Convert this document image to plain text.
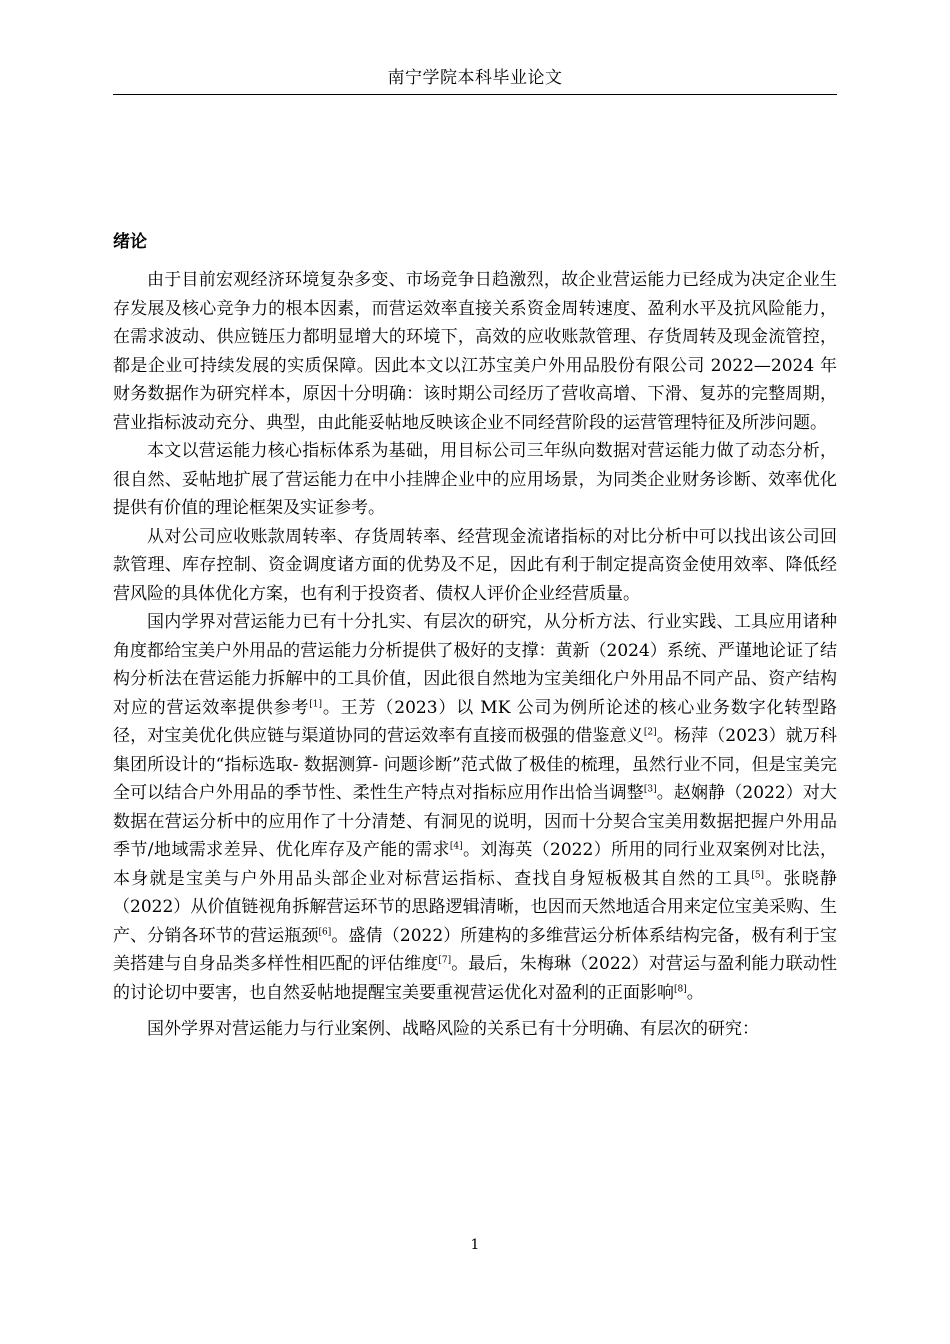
南宁学院本科毕业论文
绪论

由于目前宏观经济环境复杂多变、市场竞争日趋激烈，故企业营运能力已经成为决定企业生存发展及核心竞争力的根本因素，而营运效率直接关系资金周转速度、盈利水平及抗风险能力，在需求波动、供应链压力都明显增大的环境下，高效的应收账款管理、存货周转及现金流管控，都是企业可持续发展的实质保障。因此本文以江苏宝美户外用品股份有限公司 2022—2024 年财务数据作为研究样本，原因十分明确：该时期公司经历了营收高增、下滑、复苏的完整周期，营业指标波动充分、典型，由此能妥帖地反映该企业不同经营阶段的运营管理特征及所涉问题。

本文以营运能力核心指标体系为基础，用目标公司三年纵向数据对营运能力做了动态分析，很自然、妥帖地扩展了营运能力在中小挂牌企业中的应用场景，为同类企业财务诊断、效率优化提供有价值的理论框架及实证参考。

从对公司应收账款周转率、存货周转率、经营现金流诸指标的对比分析中可以找出该公司回款管理、库存控制、资金调度诸方面的优势及不足，因此有利于制定提高资金使用效率、降低经营风险的具体优化方案，也有利于投资者、债权人评价企业经营质量。

国内学界对营运能力已有十分扎实、有层次的研究，从分析方法、行业实践、工具应用诸种角度都给宝美户外用品的营运能力分析提供了极好的支撑：黄新（2024）系统、严谨地论证了结构分析法在营运能力拆解中的工具价值，因此很自然地为宝美细化户外用品不同产品、资产结构对应的营运效率提供参考[1]。王芳（2023）以 MK 公司为例所论述的核心业务数字化转型路径，对宝美优化供应链与渠道协同的营运效率有直接而极强的借鉴意义[2]。杨萍（2023）就万科集团所设计的“指标选取- 数据测算- 问题诊断”范式做了极佳的梳理，虽然行业不同，但是宝美完全可以结合户外用品的季节性、柔性生产特点对指标应用作出恰当调整[3]。赵娴静（2022）对大数据在营运分析中的应用作了十分清楚、有洞见的说明，因而十分契合宝美用数据把握户外用品季节/地域需求差异、优化库存及产能的需求[4]。刘海英（2022）所用的同行业双案例对比法，本身就是宝美与户外用品头部企业对标营运指标、查找自身短板极其自然的工具[5]。张晓静（2022）从价值链视角拆解营运环节的思路逻辑清晰，也因而天然地适合用来定位宝美采购、生产、分销各环节的营运瓶颈[6]。盛倩（2022）所建构的多维营运分析体系结构完备，极有利于宝美搭建与自身品类多样性相匹配的评估维度[7]。最后，朱梅琳（2022）对营运与盈利能力联动性的讨论切中要害，也自然妥帖地提醒宝美要重视营运优化对盈利的正面影响[8]。

国外学界对营运能力与行业案例、战略风险的关系已有十分明确、有层次的研究：

1
